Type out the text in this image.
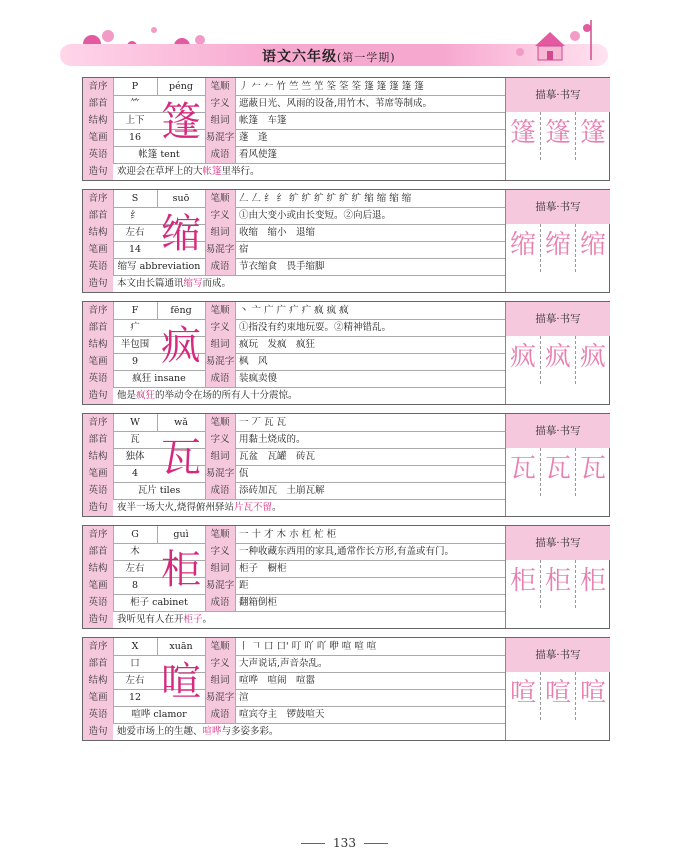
语文六年级(第一学期)
音序	P	péng	笔顺	丿 𠂉 𠂉 竹 竺 竺 笁 筌 筌 筌 篷 篷 篷 篷 篷
部首	⺮	字义	遮蔽日光、风雨的设备,用竹木、苇席等制成。
结构	上下	组词	帐篷　车篷
笔画	16	易混字 蓬　逢
英语	帐篷 tent	成语	看风使篷
造句	欢迎会在草坪上的大帐篷里举行。
篷
描摹·书写
篷 篷 篷
音序	S	suō	笔顺	𠃋 𠃋 纟 纟 纩 纩 纩 纩 纩 纩 缩 缩 缩 缩
部首	纟	字义	①由大变小或由长变短。②向后退。
结构	左右	组词	收缩　缩小　退缩
笔画	14	易混字 宿
英语	缩写 abbreviation	成语	节衣缩食　畏手缩脚
造句	本文由长篇通讯缩写而成。
缩
描摹·书写
缩 缩 缩
音序	F	fēng	笔顺	丶 亠 广 广 疒 疒 疯 疯 疯
部首	疒	字义	①指没有约束地玩耍。②精神错乱。
结构	半包围	组词	疯玩　发疯　疯狂
笔画	9	易混字 枫　风
英语	疯狂 insane	成语	装疯卖傻
造句	他是疯狂的举动令在场的所有人十分震惊。
疯
描摹·书写
疯 疯 疯
音序	W	wǎ	笔顺	一 丆 瓦 瓦
部首	瓦	字义	用黏土烧成的。
结构	独体	组词	瓦盆　瓦罐　砖瓦
笔画	4	易混字 佤
英语	瓦片 tiles	成语	添砖加瓦　土崩瓦解
造句	夜半一场大火,烧得俯州驿站片瓦不留。
瓦
描摹·书写
瓦 瓦 瓦
音序	G	guì	笔顺	一 十 才 木 朩 杠 杧 柜
部首	木	字义	一种收藏东西用的家具,通常作长方形,有盖或有门。
结构	左右	组词	柜子　橱柜
笔画	8	易混字 距
英语	柜子 cabinet	成语	翻箱倒柜
造句	我听见有人在开柜子。
柜
描摹·书写
柜 柜 柜
音序	X	xuān	笔顺	丨 𠃍 口 口' 叮 吖 吖 咿 喧 喧 喧
部首	口	字义	大声说话,声音杂乱。
结构	左右	组词	喧哗　喧闹　喧嚣
笔画	12	易混字 渲
英语	喧哗 clamor	成语	喧宾夺主　锣鼓喧天
造句	她爱市场上的生趣、喧哗与多姿多彩。
喧
描摹·书写
喧 喧 喧
133
